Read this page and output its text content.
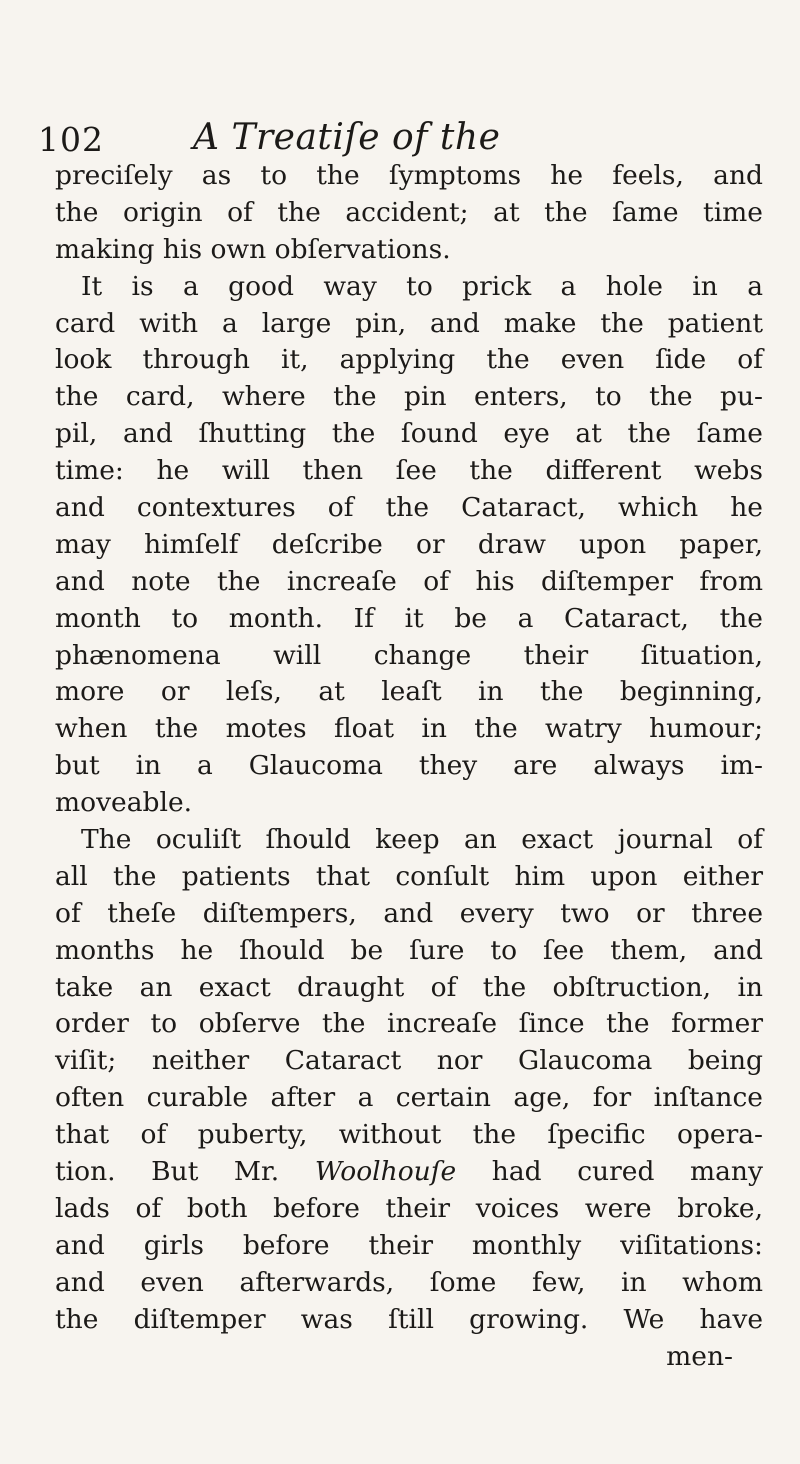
102 A Treatiſe of the
preciſely as to the ſymptoms he feels, and
the origin of the accident; at the ſame time
making his own obſervations.
It is a good way to prick a hole in a
card with a large pin, and make the patient
look through it, applying the even ſide of
the card, where the pin enters, to the pu-
pil, and ſhutting the ſound eye at the ſame
time: he will then ſee the different webs
and contextures of the Cataract, which he
may himſelf deſcribe or draw upon paper,
and note the increaſe of his diſtemper from
month to month. If it be a Cataract, the
phænomena will change their ſituation,
more or leſs, at leaſt in the beginning,
when the motes float in the watry humour;
but in a Glaucoma they are always im-
moveable.
The oculiſt ſhould keep an exact journal of
all the patients that conſult him upon either
of theſe diſtempers, and every two or three
months he ſhould be ſure to ſee them, and
take an exact draught of the obſtruction, in
order to obſerve the increaſe ſince the former
viſit; neither Cataract nor Glaucoma being
often curable after a certain age, for inſtance
that of puberty, without the ſpecific opera-
tion. But Mr. Woolhouſe had cured many
lads of both before their voices were broke,
and girls before their monthly viſitations:
and even afterwards, ſome few, in whom
the diſtemper was ſtill growing. We have
men-
